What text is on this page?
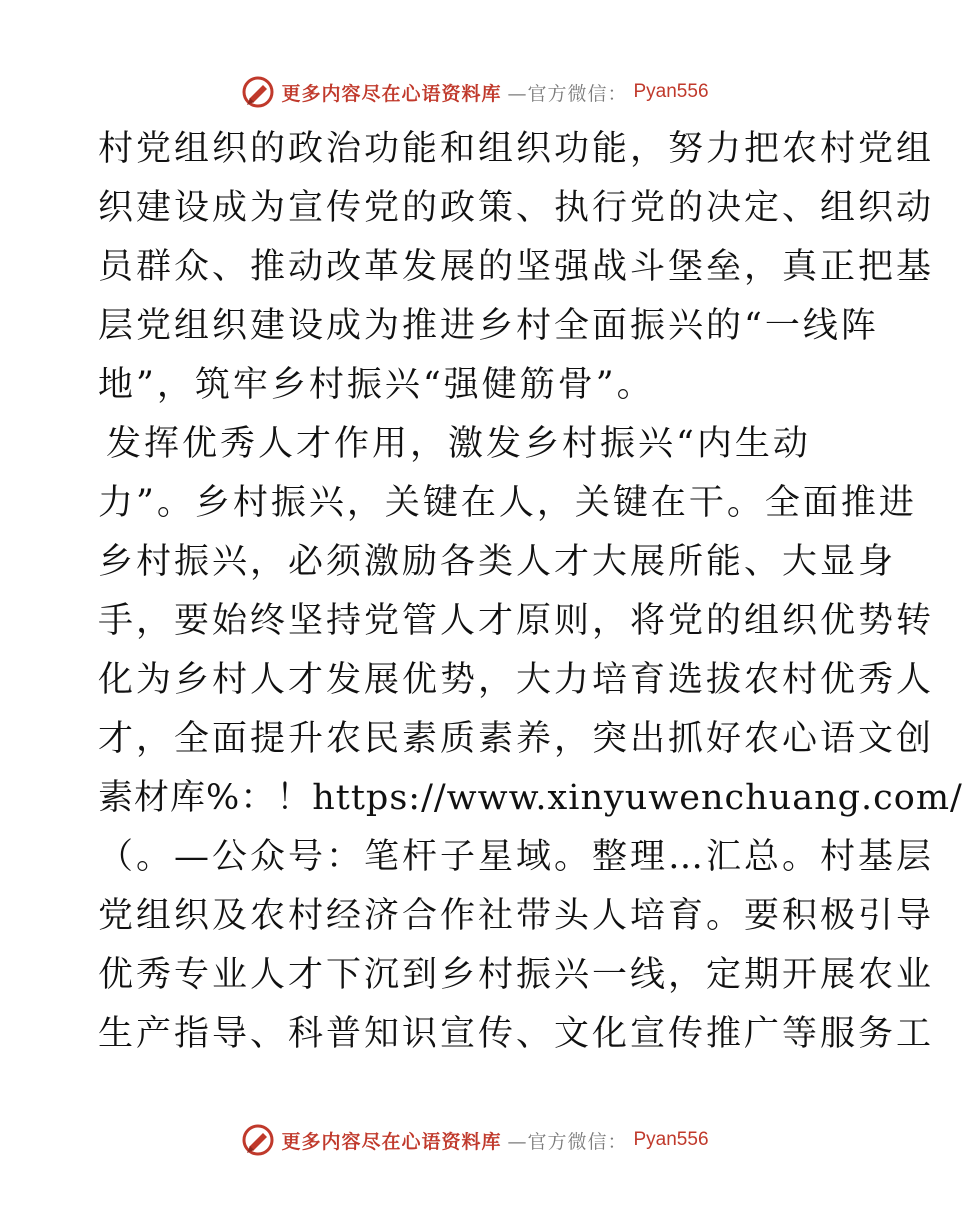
更多内容尽在心语资料库 —官方微信： Pyan556
村党组织的政治功能和组织功能，努力把农村党组
织建设成为宣传党的政策、执行党的决定、组织动
员群众、推动改革发展的坚强战斗堡垒，真正把基
层党组织建设成为推进乡村全面振兴的“一线阵
地”，筑牢乡村振兴“强健筋骨”。
发挥优秀人才作用，激发乡村振兴“内生动
力”。乡村振兴，关键在人，关键在干。全面推进
乡村振兴，必须激励各类人才大展所能、大显身
手，要始终坚持党管人才原则，将党的组织优势转
化为乡村人才发展优势，大力培育选拔农村优秀人
才，全面提升农民素质素养，突出抓好农心语文创
素材库%：！https://www.xinyuwenchuang.com/
（。—公众号：笔杆子星域。整理…汇总。村基层
党组织及农村经济合作社带头人培育。要积极引导
优秀专业人才下沉到乡村振兴一线，定期开展农业
生产指导、科普知识宣传、文化宣传推广等服务工
更多内容尽在心语资料库 —官方微信： Pyan556
